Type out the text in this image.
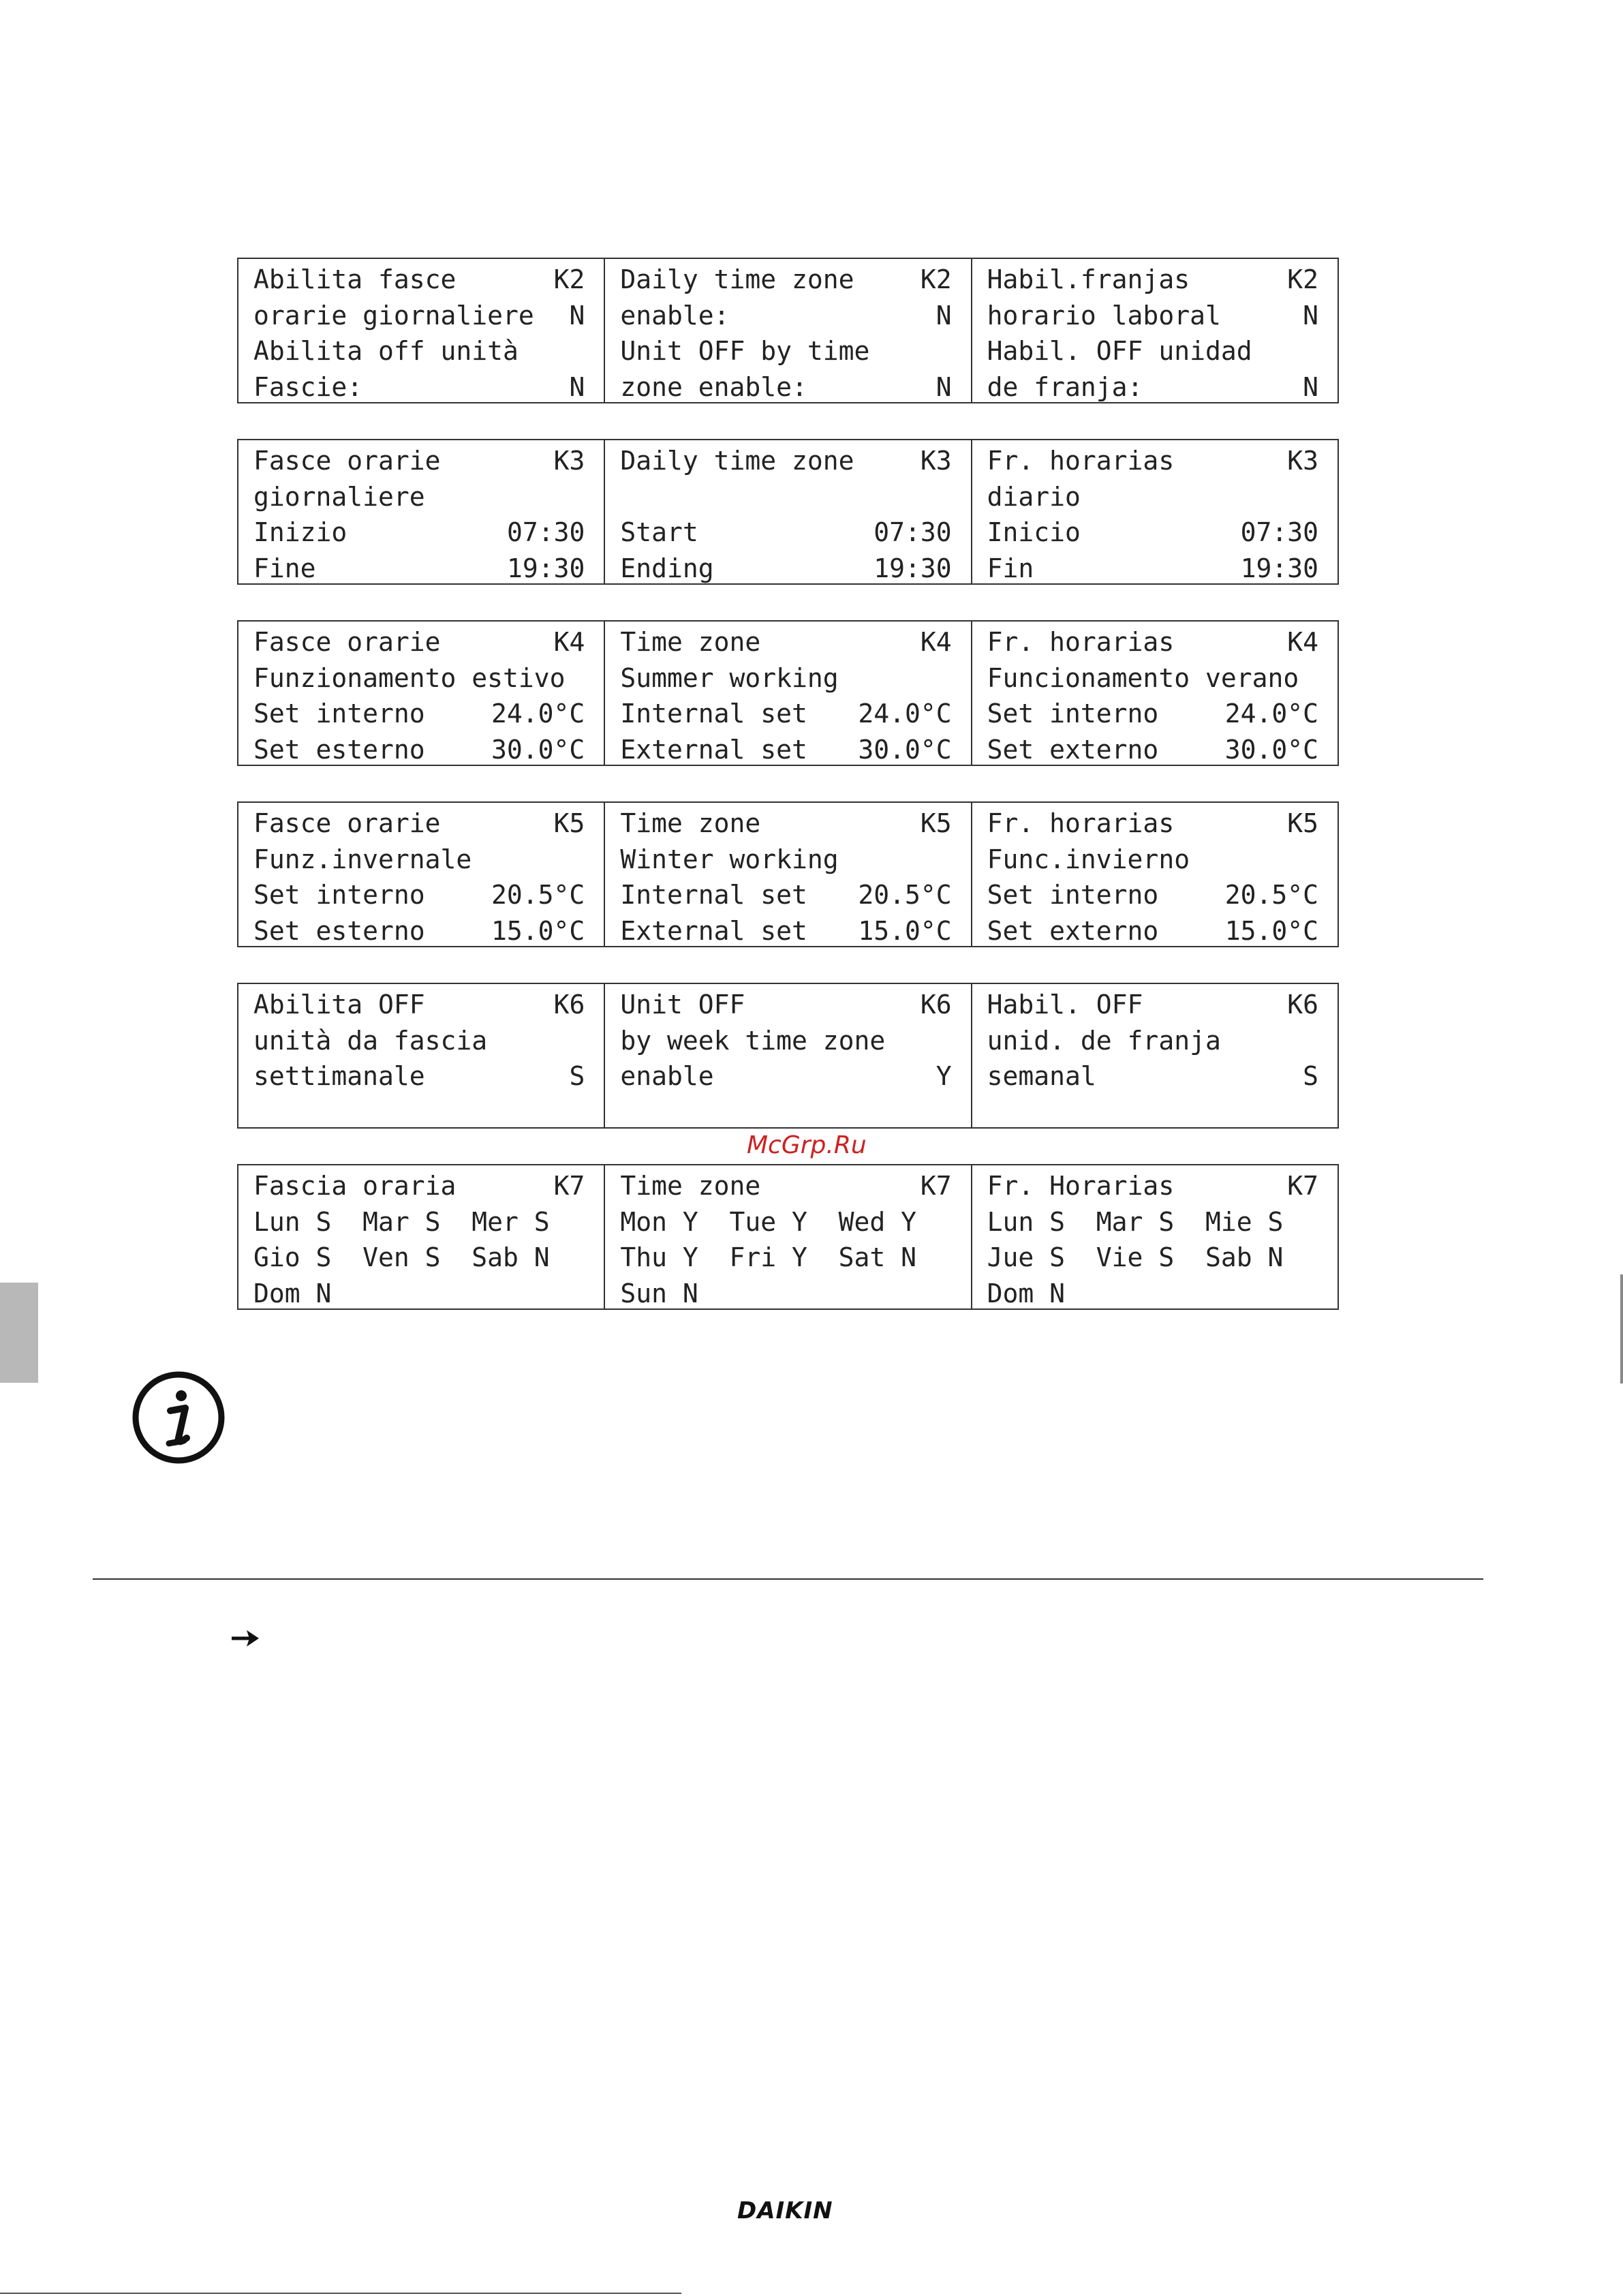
Abilita fasce	K2
orarie giornaliere N
Abilita off unità
Fascie:	N
Daily time zone	K2
enable:	N
Unit OFF by time
zone enable:	N
Habil.franjas	K2
horario laboral	N
Habil. OFF unidad
de franja:	N
Fasce orarie	K3
giornaliere
Inizio	07:30
Fine	19:30
Daily time zone	K3
Start	07:30
Ending	19:30
Fr. horarias	K3
diario
Inicio	07:30
Fin	19:30
Fasce orarie	K4
Funzionamento estivo
Set interno	24.0°C
Set esterno	30.0°C
Time zone	K4
Summer working
Internal set 24.0°C
External set 30.0°C
Fr. horarias	K4
Funcionamento verano
Set interno	24.0°C
Set externo	30.0°C
Fasce orarie	K5
Funz.invernale
Set interno	20.5°C
Set esterno	15.0°C
Time zone	K5
Winter working
Internal set 20.5°C
External set 15.0°C
Fr. horarias	K5
Func.invierno
Set interno	20.5°C
Set externo	15.0°C
Abilita OFF	K6
unità da fascia
settimanale	S
Unit OFF	K6
by week time zone
enable	Y
Habil. OFF	K6
unid. de franja
semanal	S
Fascia oraria	K7
Lun S  Mar S  Mer S
Gio S  Ven S  Sab N
Dom N
Time zone	K7
Mon Y  Tue Y  Wed Y
Thu Y  Fri Y  Sat N
Sun N
Fr. Horarias	K7
Lun S  Mar S  Mie S
Jue S  Vie S  Sab N
Dom N
McGrp.Ru
DAIKIN
